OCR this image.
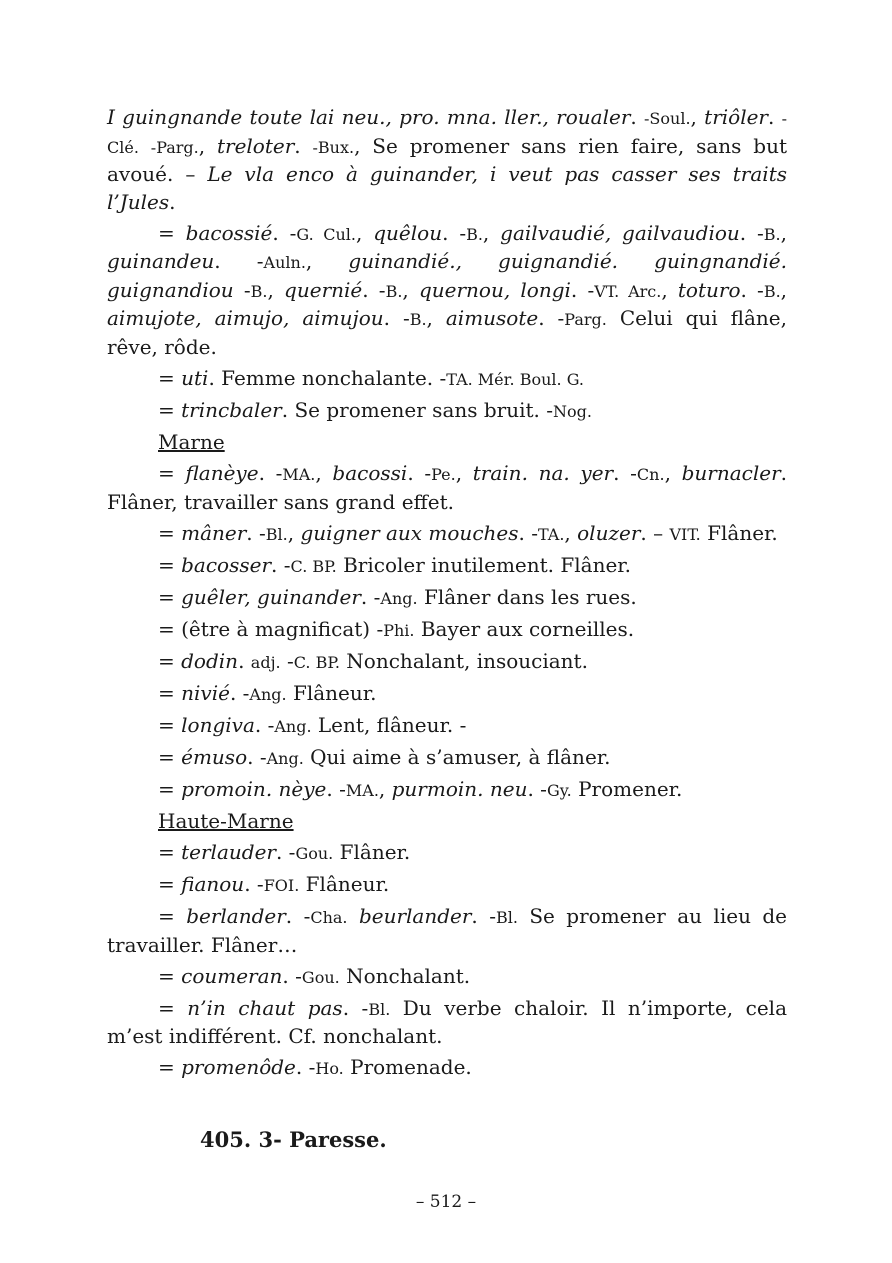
I guingnande toute lai neu., pro. mna. ller., roualer. -Soul., triôler. -Clé. -Parg., treloter. -Bux., Se promener sans rien faire, sans but avoué. – Le vla enco à guinander, i veut pas casser ses traits l’Jules.

= bacossié. -G. Cul., quêlou. -B., gailvaudié, gailvaudiou. -B., guinandeu. -Auln., guinandié., guignandié. guingnandié. guignandiou -B., quernié. -B., quernou, longi. -VT. Arc., toturo. -B., aimujote, aimujo, aimujou. -B., aimusote. -Parg. Celui qui flâne, rêve, rôde.

= uti. Femme nonchalante. -TA. Mér. Boul. G.

= trincbaler. Se promener sans bruit. -Nog.

Marne

= flanèye. -MA., bacossi. -Pe., train. na. yer. -Cn., burnacler. Flâner, travailler sans grand effet.

= mâner. -Bl., guigner aux mouches. -TA., oluzer. – VIT. Flâner.

= bacosser. -C. BP. Bricoler inutilement. Flâner.

= guêler, guinander. -Ang. Flâner dans les rues.

= (être à magnificat) -Phi. Bayer aux corneilles.

= dodin. adj. -C. BP. Nonchalant, insouciant.

= nivié. -Ang. Flâneur.

= longiva. -Ang. Lent, flâneur. -

= émuso. -Ang. Qui aime à s’amuser, à flâner.

= promoin. nèye. -MA., purmoin. neu. -Gy. Promener.

Haute-Marne

= terlauder. -Gou. Flâner.

= fianou. -FOI. Flâneur.

= berlander. -Cha. beurlander. -Bl. Se promener au lieu de travailler. Flâner…

= coumeran. -Gou. Nonchalant.

= n’in chaut pas. -Bl. Du verbe chaloir. Il n’importe, cela m’est indifférent. Cf. nonchalant.

= promenôde. -Ho. Promenade.

405. 3- Paresse.
– 512 –
